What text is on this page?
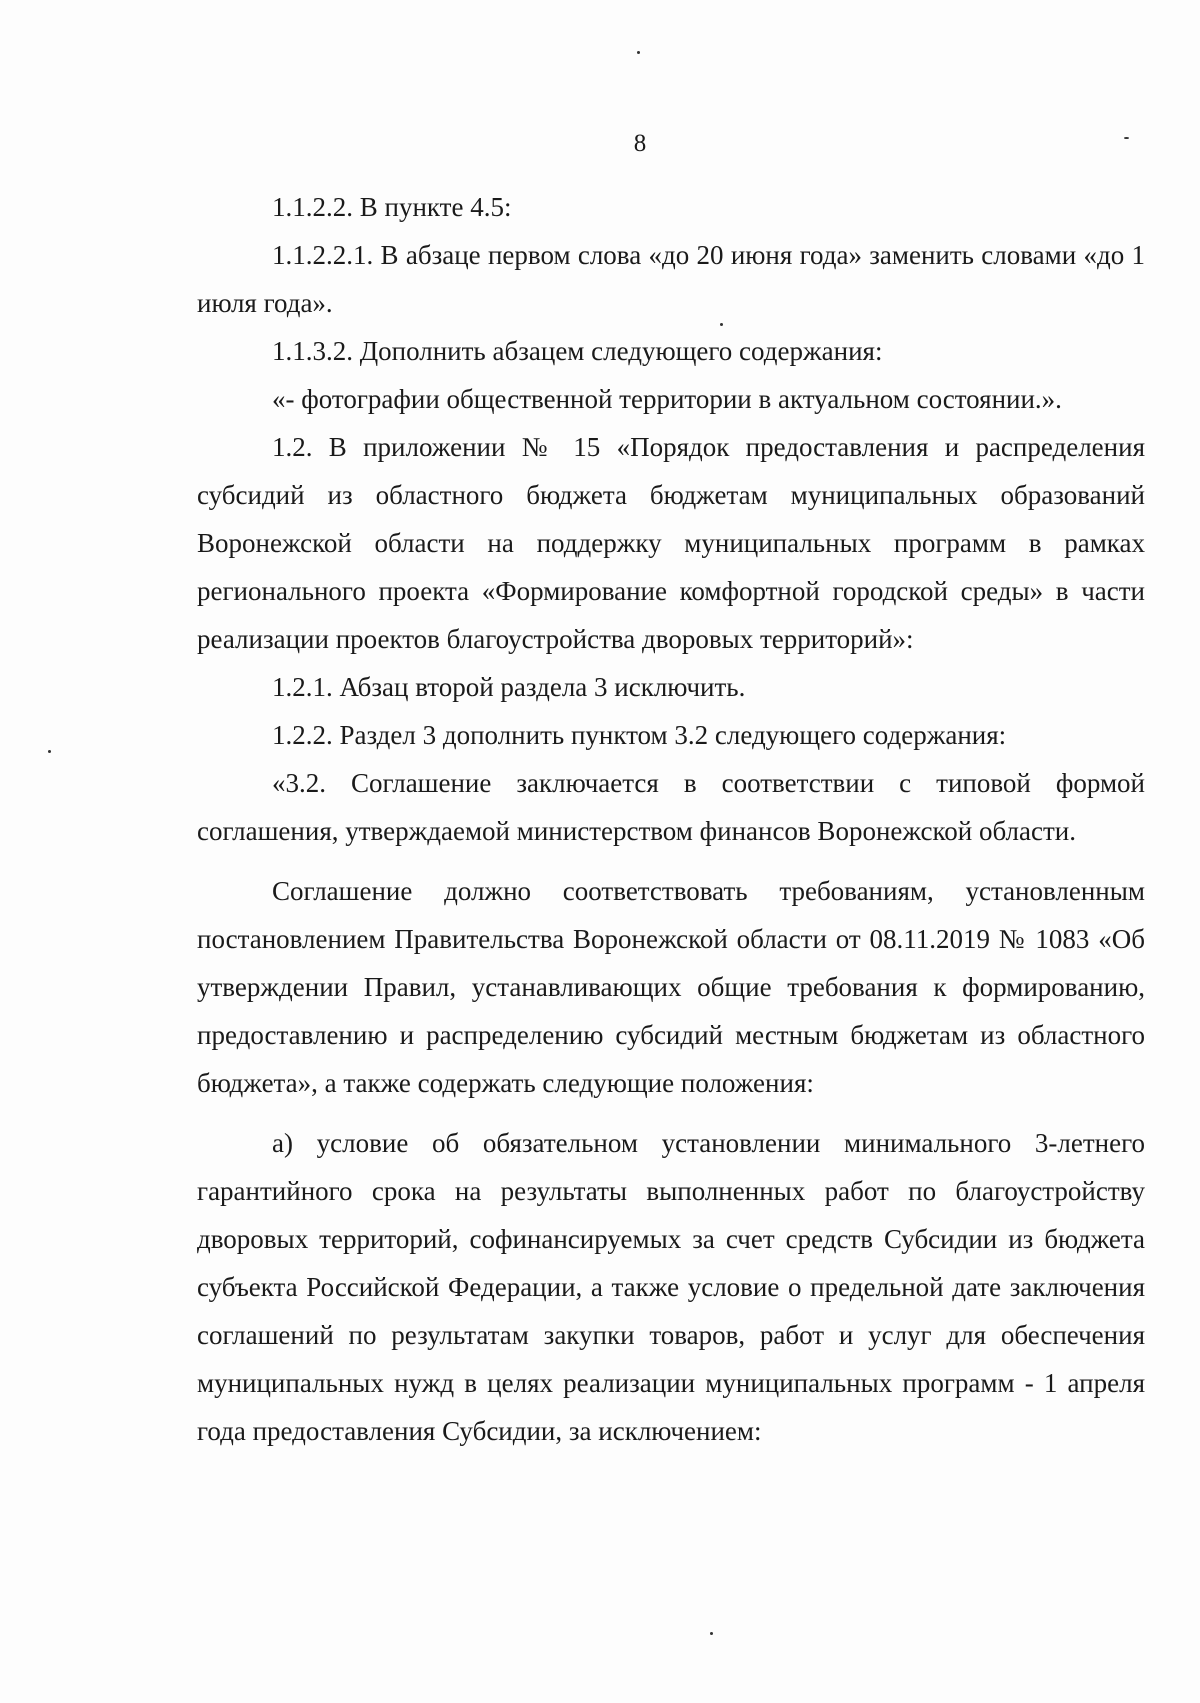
8

1.1.2.2. В пункте 4.5:

1.1.2.2.1. В абзаце первом слова «до 20 июня года» заменить словами «до 1 июля года».

1.1.3.2. Дополнить абзацем следующего содержания:

«- фотографии общественной территории в актуальном состоянии.».

1.2. В приложении № 15 «Порядок предоставления и распределения субсидий из областного бюджета бюджетам муниципальных образований Воронежской области на поддержку муниципальных программ в рамках регионального проекта «Формирование комфортной городской среды» в части реализации проектов благоустройства дворовых территорий»:

1.2.1. Абзац второй раздела 3 исключить.

1.2.2. Раздел 3 дополнить пунктом 3.2 следующего содержания:

«3.2. Соглашение заключается в соответствии с типовой формой соглашения, утверждаемой министерством финансов Воронежской области.

Соглашение должно соответствовать требованиям, установленным постановлением Правительства Воронежской области от 08.11.2019 № 1083 «Об утверждении Правил, устанавливающих общие требования к формированию, предоставлению и распределению субсидий местным бюджетам из областного бюджета», а также содержать следующие положения:

а) условие об обязательном установлении минимального 3-летнего гарантийного срока на результаты выполненных работ по благоустройству дворовых территорий, софинансируемых за счет средств Субсидии из бюджета субъекта Российской Федерации, а также условие о предельной дате заключения соглашений по результатам закупки товаров, работ и услуг для обеспечения муниципальных нужд в целях реализации муниципальных программ - 1 апреля года предоставления Субсидии, за исключением:
